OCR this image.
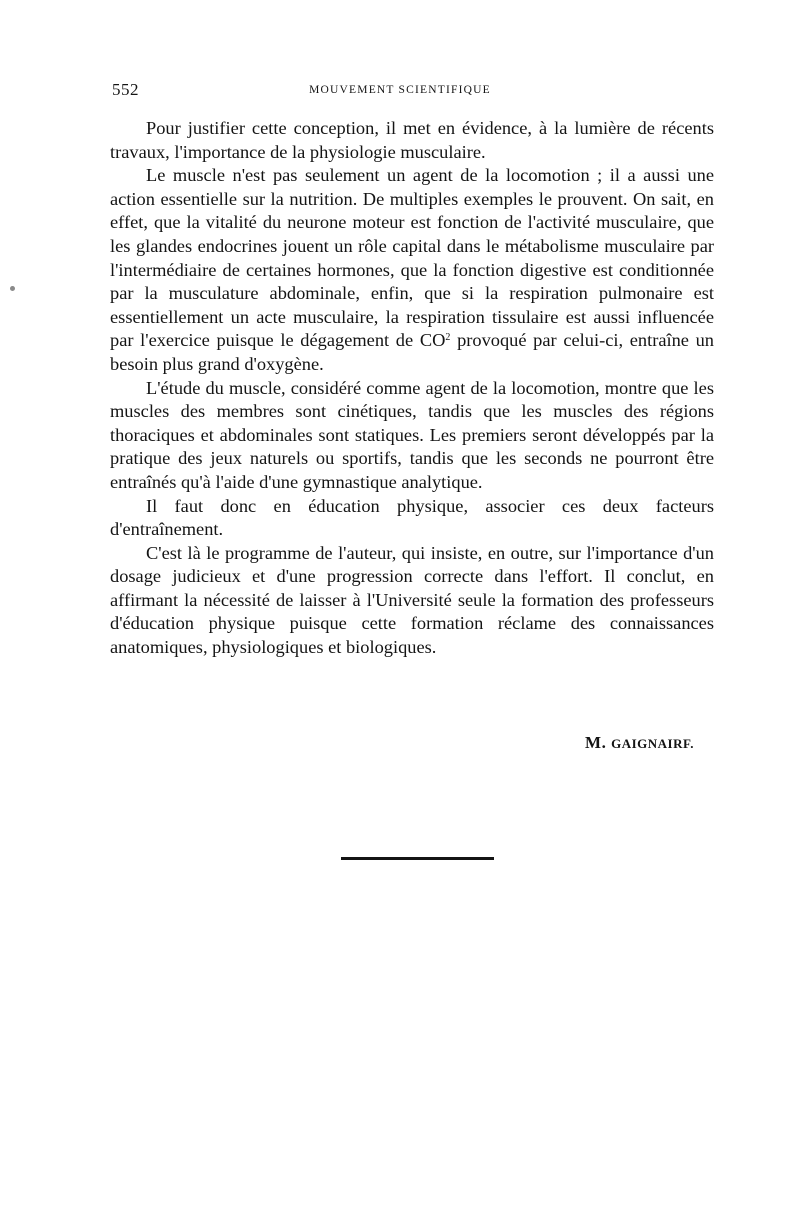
552	MOUVEMENT SCIENTIFIQUE

Pour justifier cette conception, il met en évidence, à la lumière de récents travaux, l'importance de la physiologie musculaire.

Le muscle n'est pas seulement un agent de la locomotion ; il a aussi une action essentielle sur la nutrition. De multiples exemples le prouvent. On sait, en effet, que la vitalité du neurone moteur est fonction de l'activité musculaire, que les glandes endocrines jouent un rôle capital dans le métabolisme musculaire par l'intermédiaire de certaines hormones, que la fonction digestive est conditionnée par la musculature abdominale, enfin, que si la respiration pulmonaire est essentiellement un acte musculaire, la respiration tissulaire est aussi influencée par l'exercice puisque le dégagement de $CO^2$ provoqué par celui-ci, entraîne un besoin plus grand d'oxygène.

L'étude du muscle, considéré comme agent de la locomotion, montre que les muscles des membres sont cinétiques, tandis que les muscles des régions thoraciques et abdominales sont statiques. Les premiers seront développés par la pratique des jeux naturels ou sportifs, tandis que les seconds ne pourront être entraînés qu'à l'aide d'une gymnastique analytique.

Il faut donc en éducation physique, associer ces deux facteurs d'entraînement.

C'est là le programme de l'auteur, qui insiste, en outre, sur l'importance d'un dosage judicieux et d'une progression correcte dans l'effort. Il conclut, en affirmant la nécessité de laisser à l'Université seule la formation des professeurs d'éducation physique puisque cette formation réclame des connaissances anatomiques, physiologiques et biologiques.

M. GAIGNAIRF.
